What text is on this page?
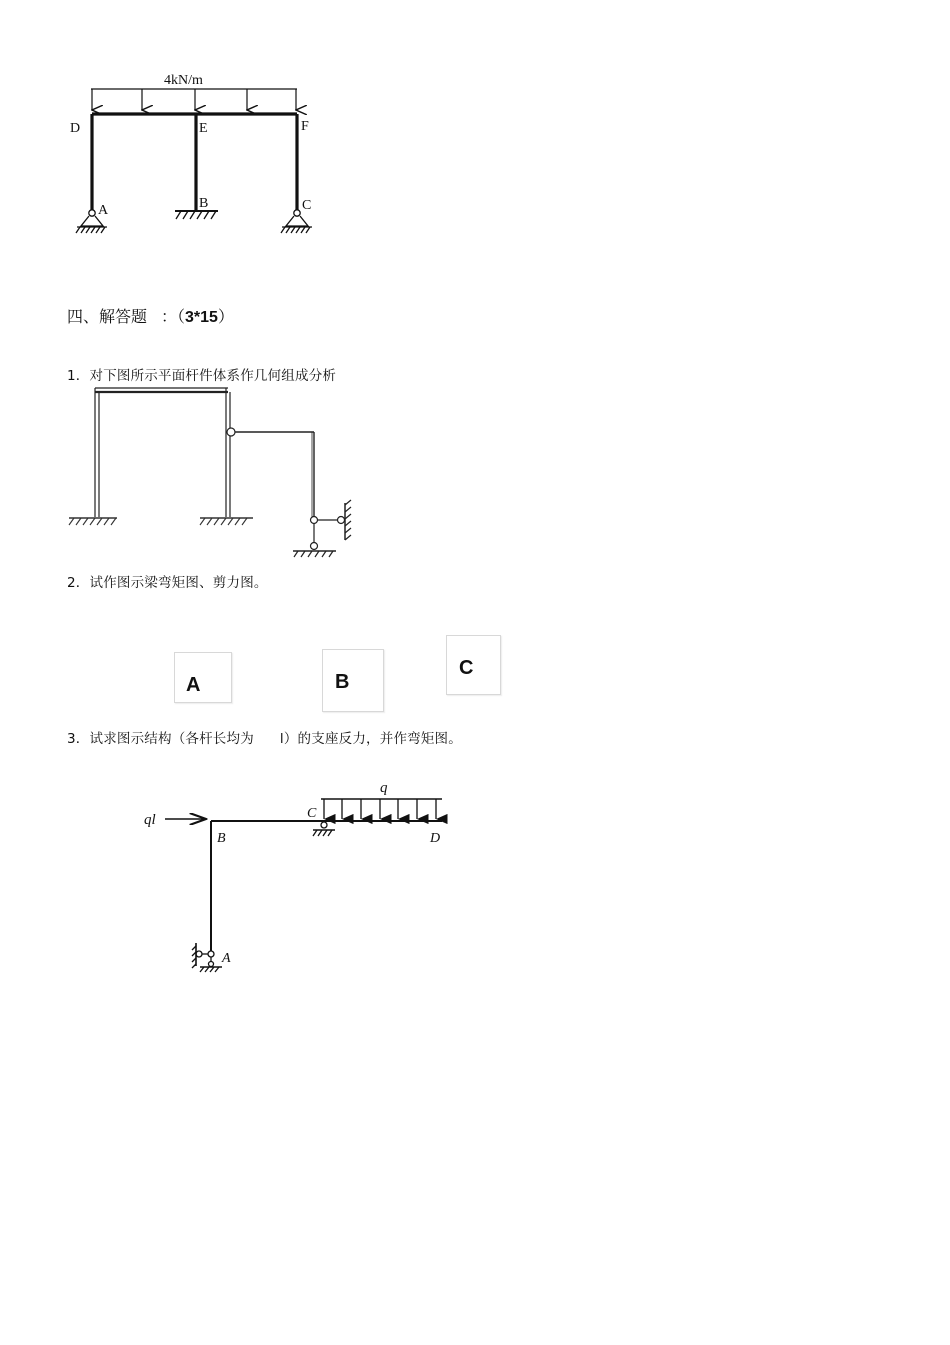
4kN/m
D	E	F
A	B	C
四、解答题 ：（3*15）
1．对下图所示平面杆件体系作几何组成分析
2．试作图示梁弯矩图、剪力图。
A	B
C
3．试求图示结构（各杆长均为 l）的支座反力，并作弯矩图。
ql
q
B
C
D
A
